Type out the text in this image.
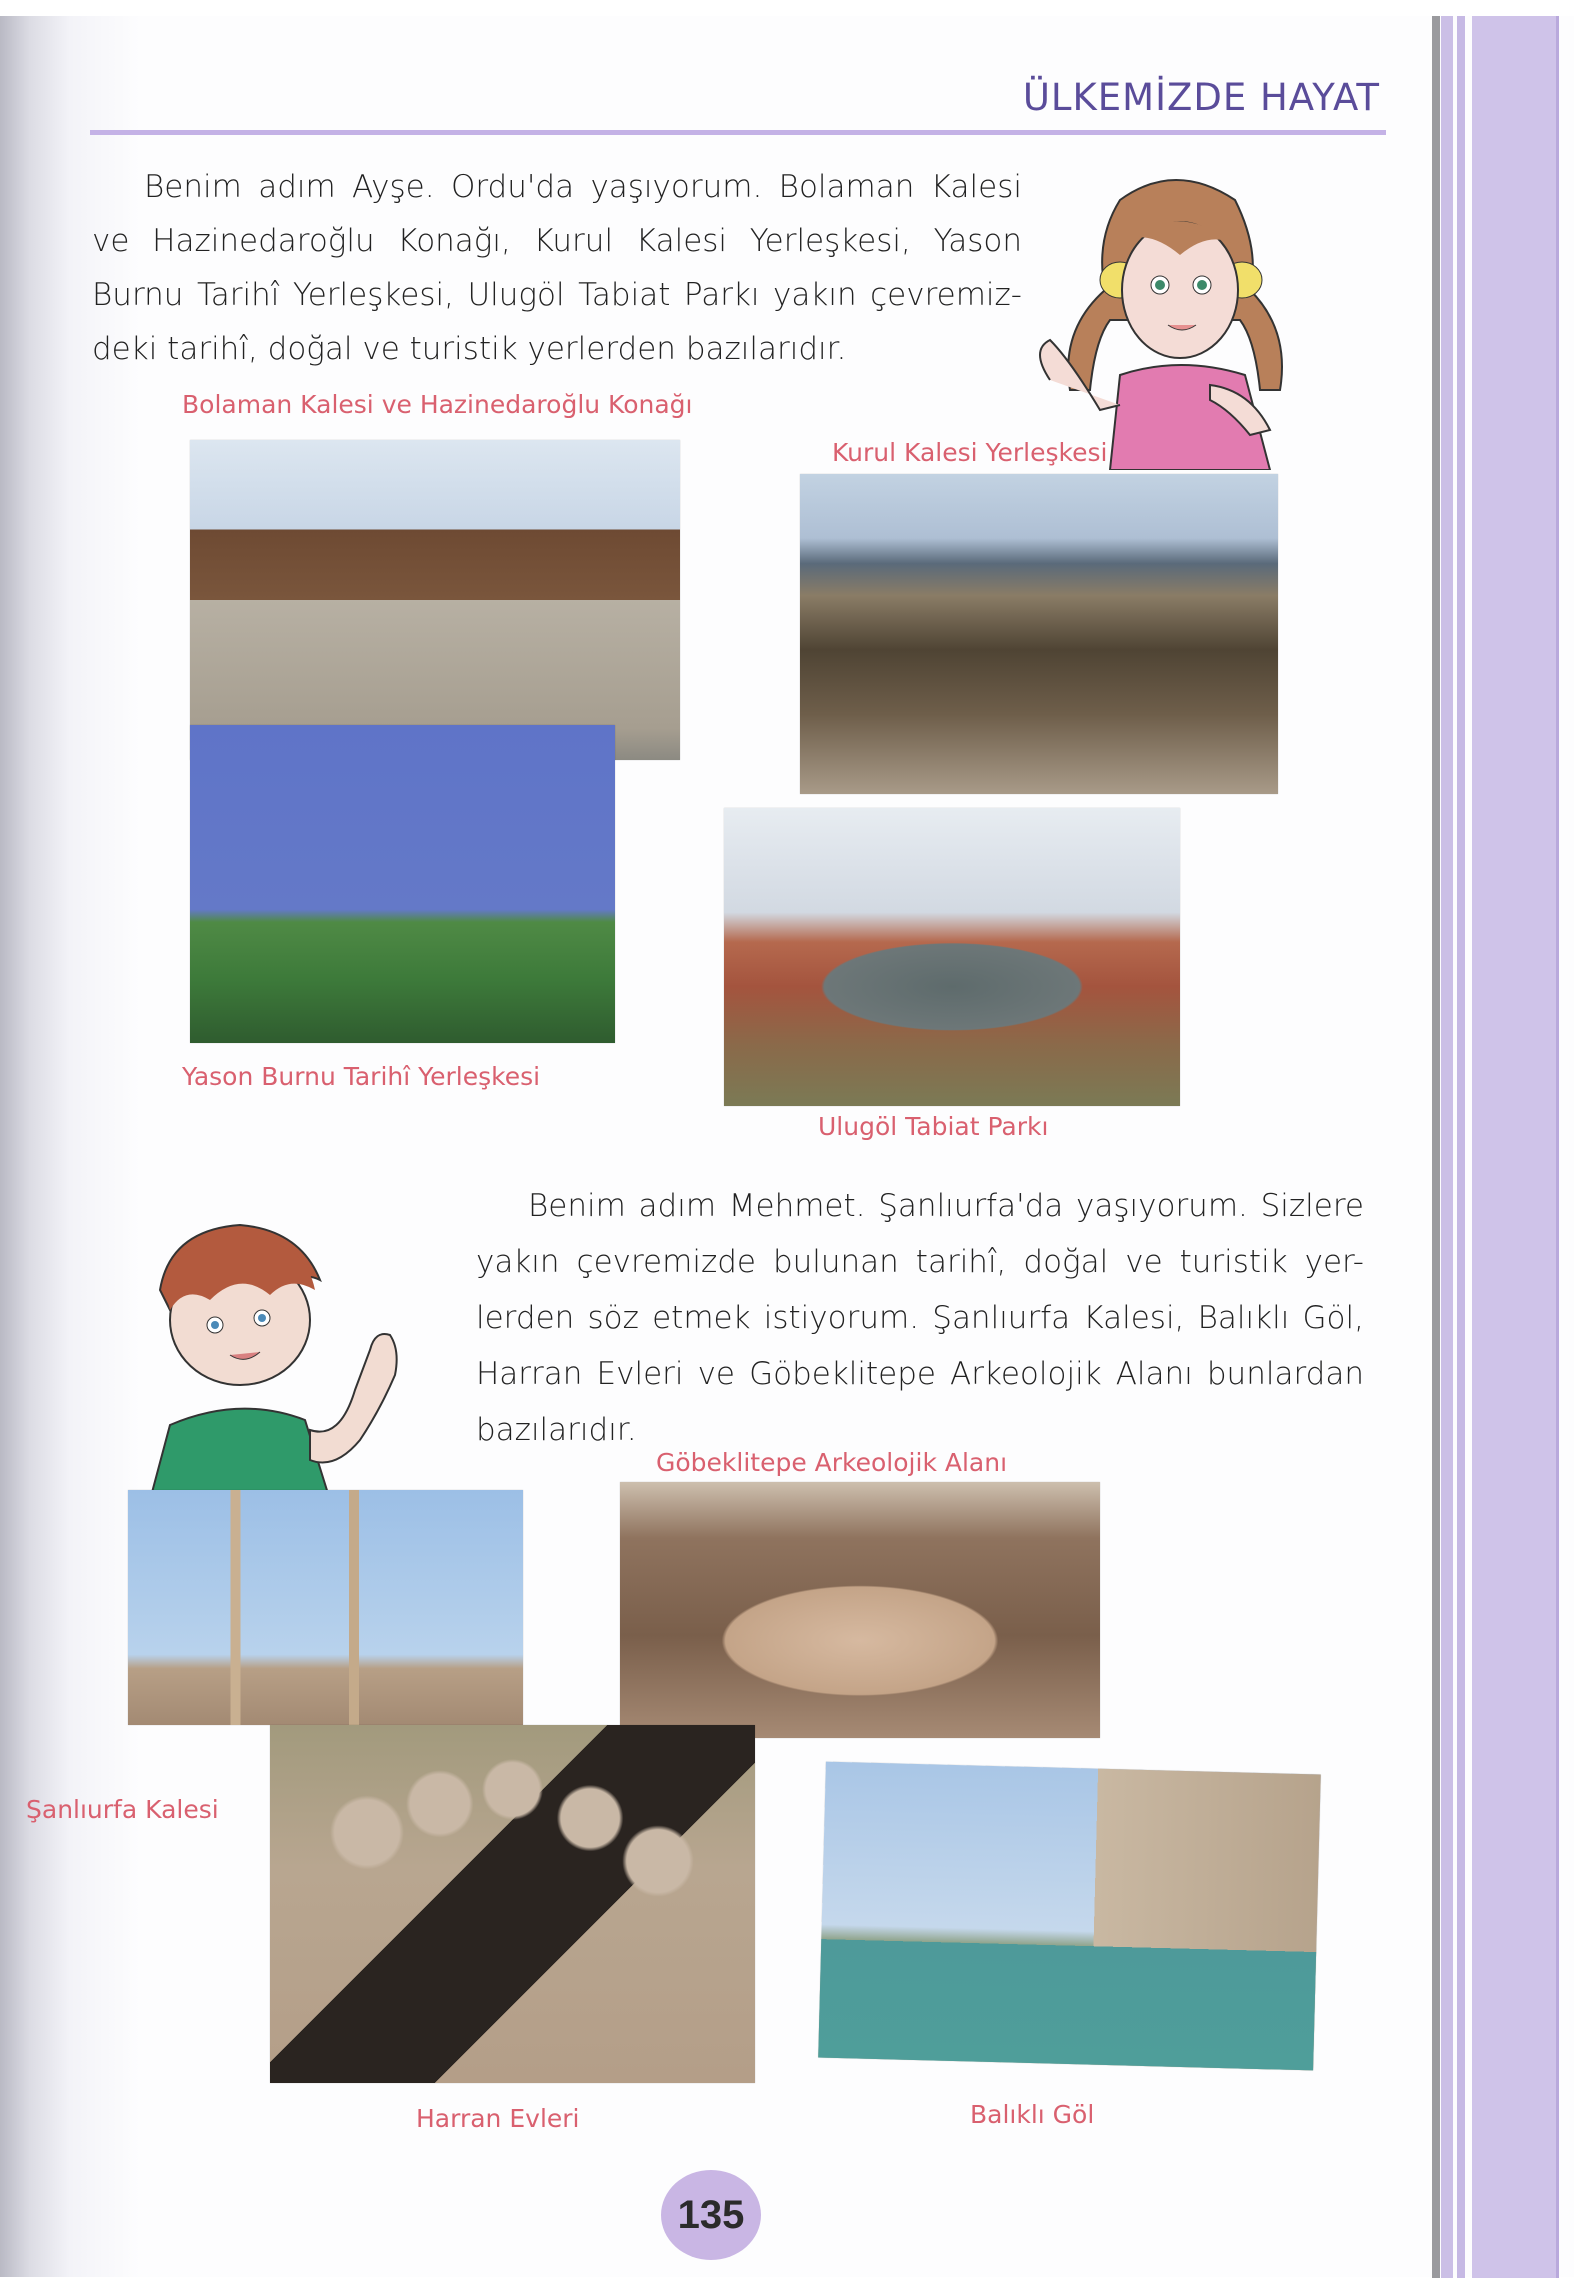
ÜLKEMİZDE HAYAT

Benim adım Ayşe. Ordu'da yaşıyorum. Bolaman Kalesi

ve Hazinedaroğlu Konağı, Kurul Kalesi Yerleşkesi, Yason

Burnu Tarihî Yerleşkesi, Ulugöl Tabiat Parkı yakın çevremiz-

deki tarihî, doğal ve turistik yerlerden bazılarıdır.

Bolaman Kalesi ve Hazinedaroğlu Konağı
Kurul Kalesi Yerleşkesi
Yason Burnu Tarihî Yerleşkesi
Ulugöl Tabiat Parkı

Benim adım Mehmet. Şanlıurfa'da yaşıyorum. Sizlere

yakın çevremizde bulunan tarihî, doğal ve turistik yer-

lerden söz etmek istiyorum. Şanlıurfa Kalesi, Balıklı Göl,

Harran Evleri ve Göbeklitepe Arkeolojik Alanı bunlardan

bazılarıdır.

Göbeklitepe Arkeolojik Alanı
Şanlıurfa Kalesi
Harran Evleri	Balıklı Göl
135
